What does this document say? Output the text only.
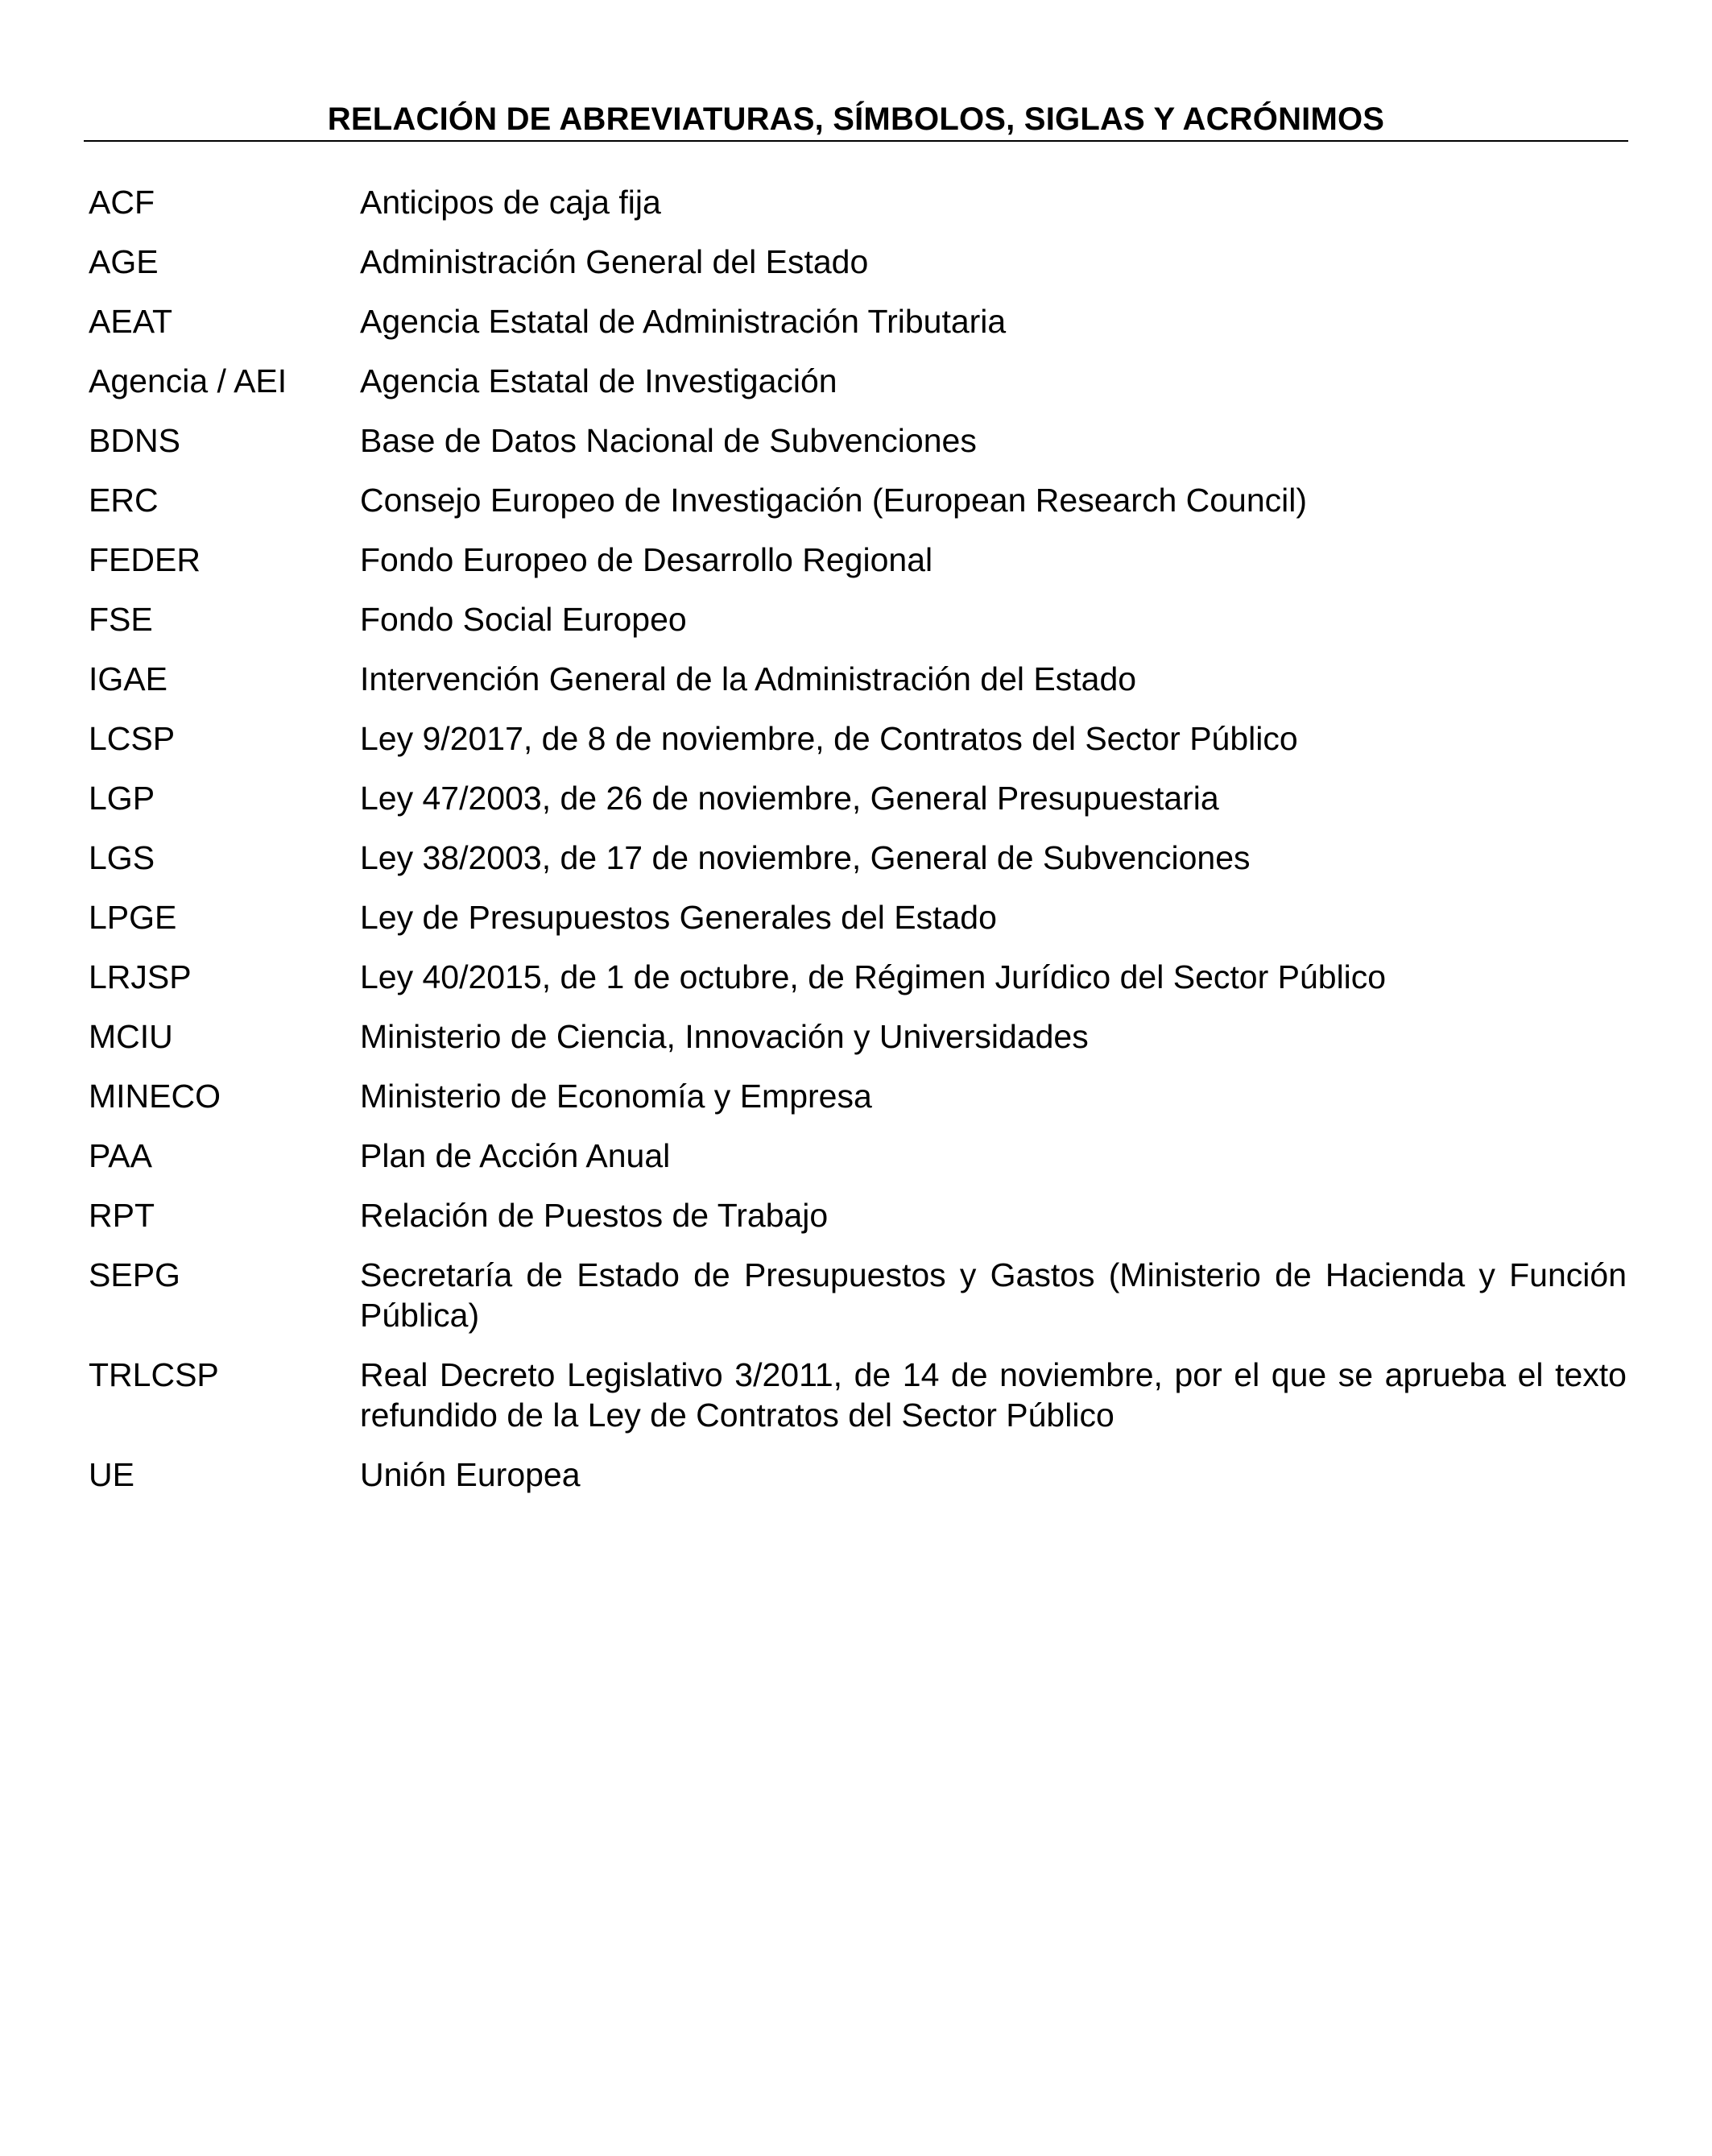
RELACIÓN DE ABREVIATURAS, SÍMBOLOS, SIGLAS Y ACRÓNIMOS
ACF	Anticipos de caja fija
AGE	Administración General del Estado
AEAT	Agencia Estatal de Administración Tributaria
Agencia / AEI	Agencia Estatal de Investigación
BDNS	Base de Datos Nacional de Subvenciones
ERC	Consejo Europeo de Investigación (European Research Council)
FEDER	Fondo Europeo de Desarrollo Regional
FSE	Fondo Social Europeo
IGAE	Intervención General de la Administración del Estado
LCSP	Ley 9/2017, de 8 de noviembre, de Contratos del Sector Público
LGP	Ley 47/2003, de 26 de noviembre, General Presupuestaria
LGS	Ley 38/2003, de 17 de noviembre, General de Subvenciones
LPGE	Ley de Presupuestos Generales del Estado
LRJSP	Ley 40/2015, de 1 de octubre, de Régimen Jurídico del Sector Público
MCIU	Ministerio de Ciencia, Innovación y Universidades
MINECO	Ministerio de Economía y Empresa
PAA	Plan de Acción Anual
RPT	Relación de Puestos de Trabajo
SEPG	Secretaría de Estado de Presupuestos y Gastos (Ministerio de Hacienda y Función Pública)
TRLCSP	Real Decreto Legislativo 3/2011, de 14 de noviembre, por el que se aprueba el texto refundido de la Ley de Contratos del Sector Público
UE	Unión Europea
